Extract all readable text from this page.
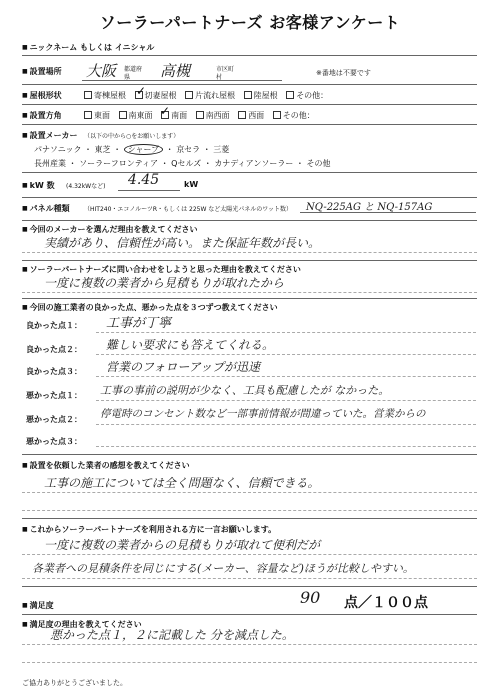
ソーラーパートナーズ お客様アンケート
■ ニックネーム もしくは イニシャル
■ 設置場所 大阪 都道府県	高槻	市区町村
※番地は不要です
■ 屋根形状	寄棟屋根 切妻屋根 片流れ屋根 陸屋根 その他：
✓
■ 設置方角	東面 南東面 南面 南西面 西面 その他：
✓
■ 設置メーカー （以下の中から○をお願いします）
パナソニック ・ 東芝 ・ シャープ ・ 京セラ ・ 三菱
長州産業 ・ ソーラーフロンティア ・ Qセルズ ・ カナディアンソーラー ・ その他
■ kW 数 (4.32kWなど) 4.45	kW
■ パネル種類 （HIT240・エコノルーツR・もしくは 225W など太陽光パネルのワット数） NQ-225AG と NQ-157AG
■ 今回のメーカーを選んだ理由を教えてください
実績があり、信頼性が高い。また保証年数が長い。
■ ソーラーパートナーズに問い合わせをしようと思った理由を教えてください
一度に複数の業者から見積もりが取れたから
■ 今回の施工業者の良かった点、悪かった点を３つずつ教えてください
良かった点１： 工事が丁寧
良かった点２： 難しい要求にも答えてくれる。
良かった点３： 営業のフォローアップが迅速
悪かった点１： 工事の事前の説明が少なく、工具も配慮したが なかった。
悪かった点２： 停電時のコンセント数など一部事前情報が間違っていた。営業からの
悪かった点３：
■ 設置を依頼した業者の感想を教えてください
工事の施工については全く問題なく、信頼できる。
■ これからソーラーパートナーズを利用される方に一言お願いします。
一度に複数の業者からの見積もりが取れて便利だが
各業者への見積条件を同じにする(メーカー、容量など)ほうが比較しやすい。
■ 満足度	90 点／１００点
■ 満足度の理由を教えてください
悪かった点１，２に記載した 分を減点した。
ご協力ありがとうございました。
